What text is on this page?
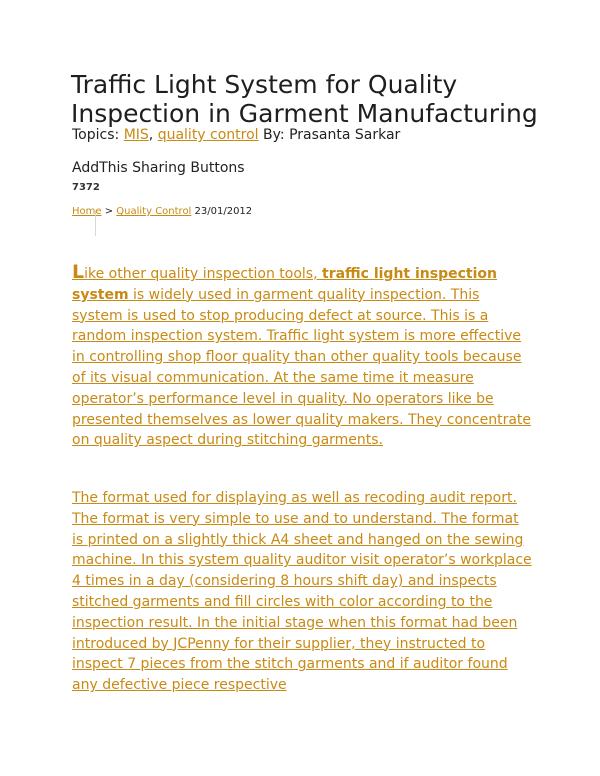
Traffic Light System for Quality Inspection in Garment Manufacturing
Topics: MIS, quality control By: Prasanta Sarkar
AddThis Sharing Buttons
7372
Home > Quality Control 23/01/2012

Like other quality inspection tools, traffic light inspection system is widely used in garment quality inspection. This system is used to stop producing defect at source. This is a random inspection system. Traffic light system is more effective in controlling shop floor quality than other quality tools because of its visual communication. At the same time it measure operator’s performance level in quality. No operators like be presented themselves as lower quality makers. They concentrate on quality aspect during stitching garments.

The format used for displaying as well as recoding audit report. The format is very simple to use and to understand. The format is printed on a slightly thick A4 sheet and hanged on the sewing machine. In this system quality auditor visit operator’s workplace 4 times in a day (considering 8 hours shift day) and inspects stitched garments and fill circles with color according to the inspection result. In the initial stage when this format had been introduced by JCPenny for their supplier, they instructed to inspect 7 pieces from the stitch garments and if auditor found any defective piece respective
